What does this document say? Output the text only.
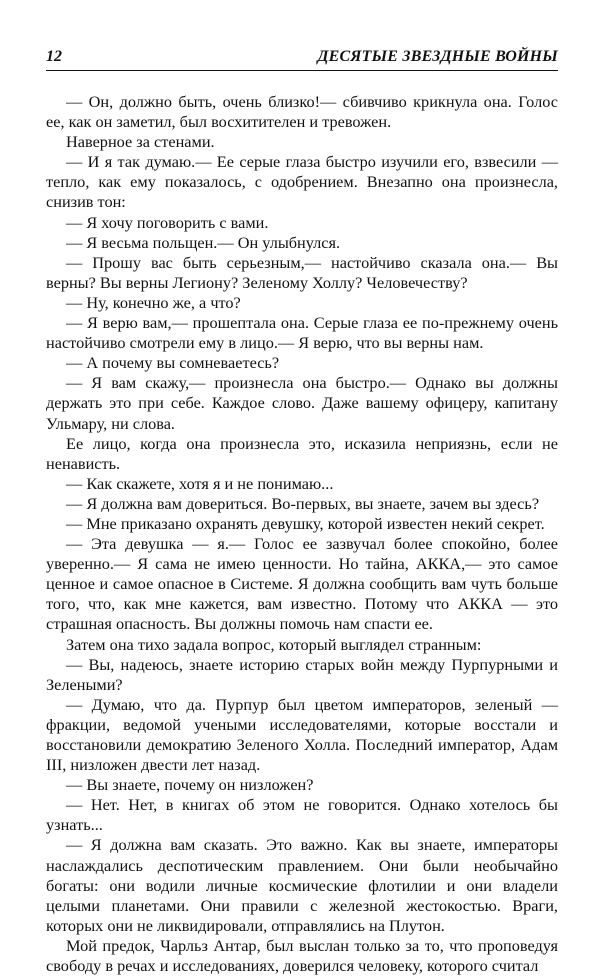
12	ДЕСЯТЫЕ ЗВЕЗДНЫЕ ВОЙНЫ

— Он, должно быть, очень близко!— сбивчиво крикнула она. Голос ее, как он заметил, был восхитителен и тревожен.

Наверное за стенами.

— И я так думаю.— Ее серые глаза быстро изучили его, взвесили — тепло, как ему показалось, с одобрением. Внезапно она произнесла, снизив тон:

— Я хочу поговорить с вами.

— Я весьма польщен.— Он улыбнулся.

— Прошу вас быть серьезным,— настойчиво сказала она.— Вы верны? Вы верны Легиону? Зеленому Холлу? Человечеству?

— Ну, конечно же, а что?

— Я верю вам,— прошептала она. Серые глаза ее по-прежнему очень настойчиво смотрели ему в лицо.— Я верю, что вы верны нам.

— А почему вы сомневаетесь?

— Я вам скажу,— произнесла она быстро.— Однако вы должны держать это при себе. Каждое слово. Даже вашему офицеру, капитану Ульмару, ни слова.

Ее лицо, когда она произнесла это, исказила неприязнь, если не ненависть.

— Как скажете, хотя я и не понимаю...

— Я должна вам довериться. Во-первых, вы знаете, зачем вы здесь?

— Мне приказано охранять девушку, которой известен некий секрет.

— Эта девушка — я.— Голос ее зазвучал более спокойно, более уверенно.— Я сама не имею ценности. Но тайна, АККА,— это самое ценное и самое опасное в Системе. Я должна сообщить вам чуть больше того, что, как мне кажется, вам известно. Потому что АККА — это страшная опасность. Вы должны помочь нам спасти ее.

Затем она тихо задала вопрос, который выглядел странным:

— Вы, надеюсь, знаете историю старых войн между Пурпурными и Зелеными?

— Думаю, что да. Пурпур был цветом императоров, зеленый — фракции, ведомой учеными исследователями, которые восстали и восстановили демократию Зеленого Холла. Последний император, Адам III, низложен двести лет назад.

— Вы знаете, почему он низложен?

— Нет. Нет, в книгах об этом не говорится. Однако хотелось бы узнать...

— Я должна вам сказать. Это важно. Как вы знаете, императоры наслаждались деспотическим правлением. Они были необычайно богаты: они водили личные космические флотилии и они владели целыми планетами. Они правили с железной жестокостью. Враги, которых они не ликвидировали, отправлялись на Плутон.

Мой предок, Чарльз Антар, был выслан только за то, что проповедуя свободу в речах и исследованиях, доверился человеку, которого считал
